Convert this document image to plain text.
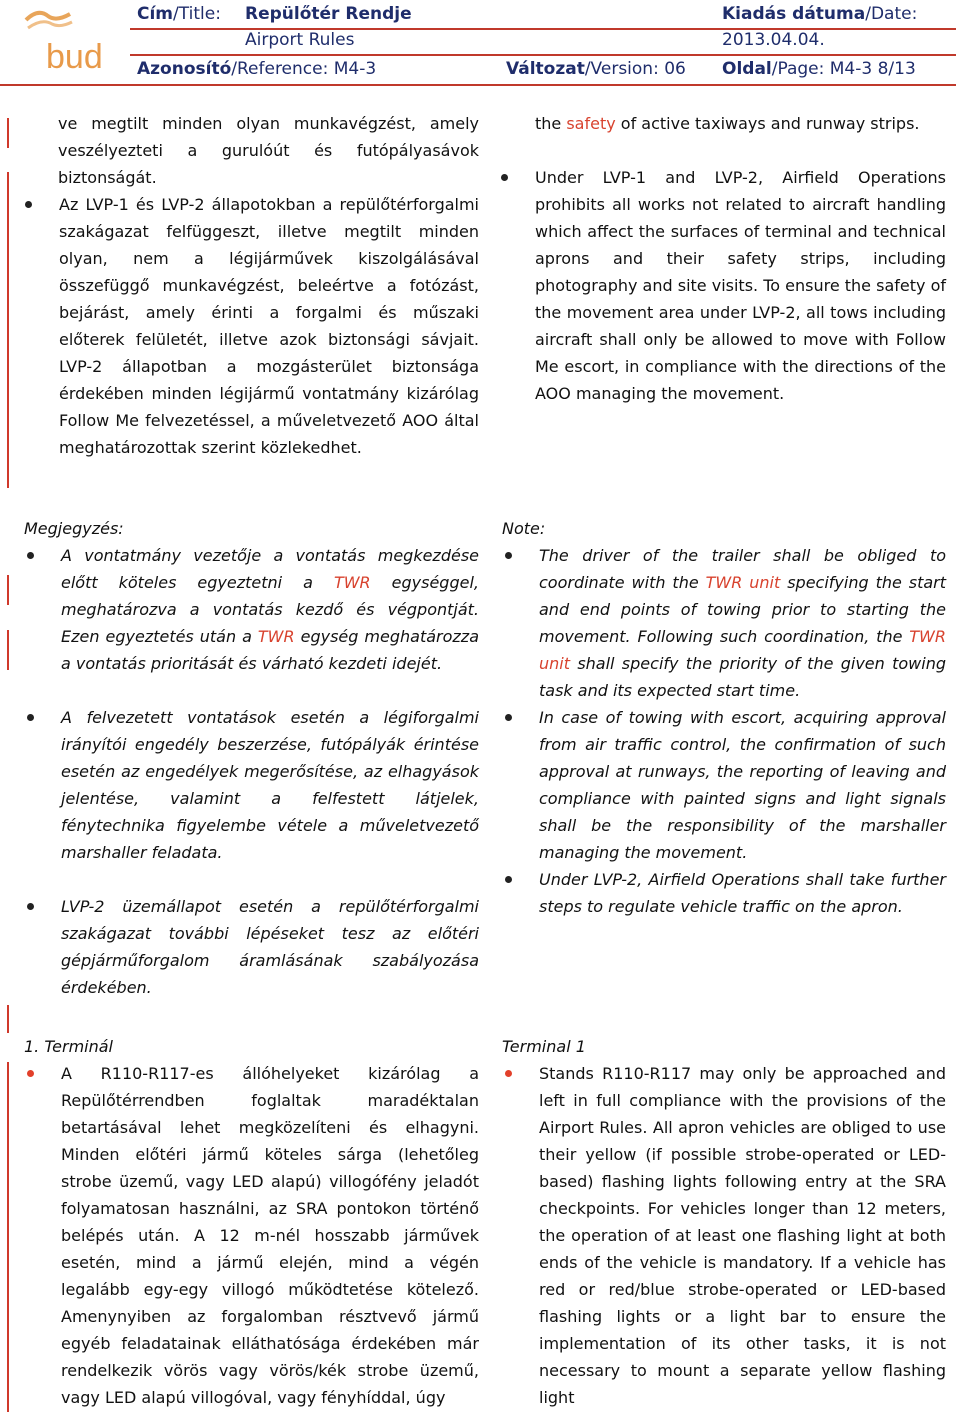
bud
Cím/Title: Repülőtér Rendje
Airport Rules
Kiadás dátuma/Date:
2013.04.04.
Azonosító/Reference: M4-3	Változat/Version: 06 Oldal/Page: M4-3 8/13

ve megtilt minden olyan munkavégzést, amely veszélyezteti a gurulóút és futópályasávok biztonságát.

Az LVP-1 és LVP-2 állapotokban a repülőtérforgalmi szakágazat felfüggeszt, illetve megtilt minden olyan, nem a légijárművek kiszolgálásával összefüggő munkavégzést, beleértve a fotózást, bejárást, amely érinti a forgalmi és műszaki előterek felületét, illetve azok biztonsági sávjait. LVP-2 állapotban a mozgásterület biztonsága érdekében minden légijármű vontatmány kizárólag Follow Me felvezetéssel, a műveletvezető AOO által meghatározottak szerint közlekedhet.

the safety of active taxiways and runway strips.

Under LVP-1 and LVP-2, Airfield Operations prohibits all works not related to aircraft handling which affect the surfaces of terminal and technical aprons and their safety strips, including photography and site visits. To ensure the safety of the movement area under LVP-2, all tows including aircraft shall only be allowed to move with Follow Me escort, in compliance with the directions of the AOO managing the movement.

Megjegyzés:

A vontatmány vezetője a vontatás megkezdése előtt köteles egyeztetni a TWR egységgel, meghatározva a vontatás kezdő és végpontját. Ezen egyeztetés után a TWR egység meghatározza a vontatás prioritását és várható kezdeti idejét.
A felvezetett vontatások esetén a légiforgalmi irányítói engedély beszerzése, futópályák érintése esetén az engedélyek megerősítése, az elhagyások jelentése, valamint a felfestett látjelek, fénytechnika figyelembe vétele a műveletvezető marshaller feladata.
LVP-2 üzemállapot esetén a repülőtérforgalmi szakágazat további lépéseket tesz az előtéri gépjárműforgalom áramlásának szabályozása érdekében.

Note:

The driver of the trailer shall be obliged to coordinate with the TWR unit specifying the start and end points of towing prior to starting the movement. Following such coordination, the TWR unit shall specify the priority of the given towing task and its expected start time.
In case of towing with escort, acquiring approval from air traffic control, the confirmation of such approval at runways, the reporting of leaving and compliance with painted signs and light signals shall be the responsibility of the marshaller managing the movement.
Under LVP-2, Airfield Operations shall take further steps to regulate vehicle traffic on the apron.

1. Terminál

A R110-R117-es állóhelyeket kizárólag a Repülőtérrendben foglaltak maradéktalan betartásával lehet megközelíteni és elhagyni. Minden előtéri jármű köteles sárga (lehetőleg strobe üzemű, vagy LED alapú) villogófény jeladót folyamatosan használni, az SRA pontokon történő belépés után. A 12 m-nél hosszabb járművek esetén, mind a jármű elején, mind a végén legalább egy-egy villogó működtetése kötelező. Amenynyiben az forgalomban résztvevő jármű egyéb feladatainak elláthatósága érdekében már rendelkezik vörös vagy vörös/kék strobe üzemű, vagy LED alapú villogóval, vagy fényhíddal, úgy

Terminal 1

Stands R110-R117 may only be approached and left in full compliance with the provisions of the Airport Rules. All apron vehicles are obliged to use their yellow (if possible strobe-operated or LED-based) flashing lights following entry at the SRA checkpoints. For vehicles longer than 12 meters, the operation of at least one flashing light at both ends of the vehicle is mandatory. If a vehicle has red or red/blue strobe-operated or LED-based flashing lights or a light bar to ensure the implementation of its other tasks, it is not necessary to mount a separate yellow flashing light
